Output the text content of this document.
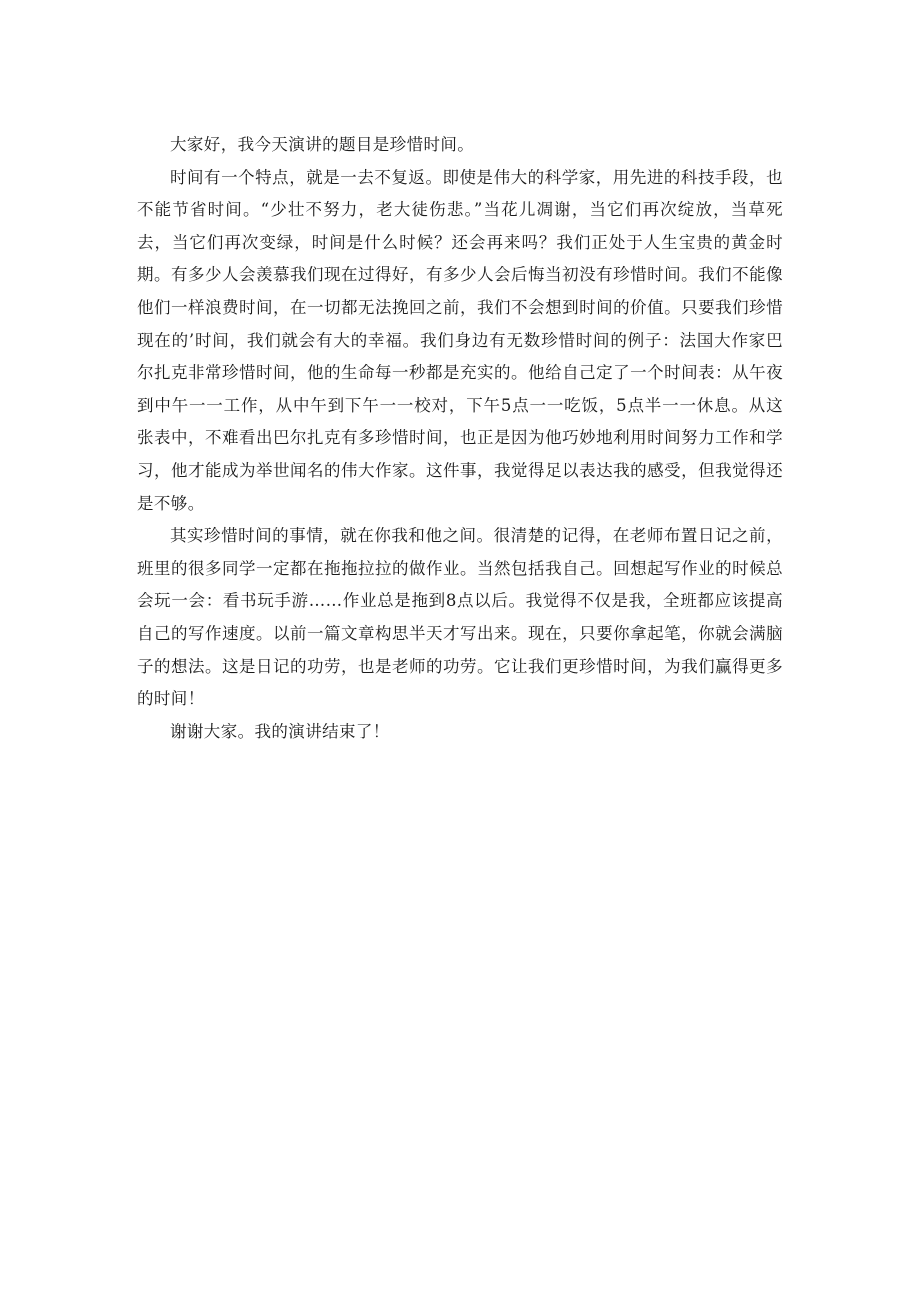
大家好，我今天演讲的题目是珍惜时间。

时间有一个特点，就是一去不复返。即使是伟大的科学家，用先进的科技手段，也不能节省时间。“少壮不努力，老大徒伤悲。”当花儿凋谢，当它们再次绽放，当草死去，当它们再次变绿，时间是什么时候？还会再来吗？我们正处于人生宝贵的黄金时期。有多少人会羡慕我们现在过得好，有多少人会后悔当初没有珍惜时间。我们不能像他们一样浪费时间，在一切都无法挽回之前，我们不会想到时间的价值。只要我们珍惜现在的’时间，我们就会有大的幸福。我们身边有无数珍惜时间的例子：法国大作家巴尔扎克非常珍惜时间，他的生命每一秒都是充实的。他给自己定了一个时间表：从午夜到中午一一工作，从中午到下午一一校对，下午5点一一吃饭，5点半一一休息。从这张表中，不难看出巴尔扎克有多珍惜时间，也正是因为他巧妙地利用时间努力工作和学习，他才能成为举世闻名的伟大作家。这件事，我觉得足以表达我的感受，但我觉得还是不够。

其实珍惜时间的事情，就在你我和他之间。很清楚的记得，在老师布置日记之前，班里的很多同学一定都在拖拖拉拉的做作业。当然包括我自己。回想起写作业的时候总会玩一会：看书玩手游……作业总是拖到8点以后。我觉得不仅是我，全班都应该提高自己的写作速度。以前一篇文章构思半天才写出来。现在，只要你拿起笔，你就会满脑子的想法。这是日记的功劳，也是老师的功劳。它让我们更珍惜时间，为我们赢得更多的时间！

谢谢大家。我的演讲结束了！
